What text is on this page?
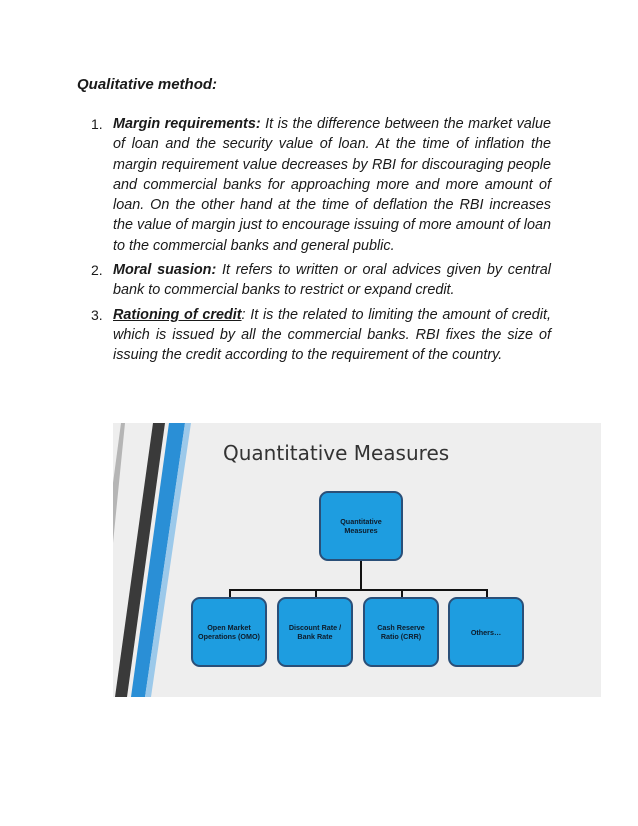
Qualitative method:
1. Margin requirements: It is the difference between the market value of loan and the security value of loan. At the time of inflation the margin requirement value decreases by RBI for discouraging people and commercial banks for approaching more and more amount of loan. On the other hand at the time of deflation the RBI increases the value of margin just to encourage issuing of more amount of loan to the commercial banks and general public.
2. Moral suasion: It refers to written or oral advices given by central bank to commercial banks to restrict or expand credit.
3. Rationing of credit: It is the related to limiting the amount of credit, which is issued by all the commercial banks. RBI fixes the size of issuing the credit according to the requirement of the country.
Quantitative Measures
Quantitative
Measures
Open Market
Operations (OMO)
Discount Rate /
Bank Rate
Cash Reserve
Ratio (CRR)	Others…
